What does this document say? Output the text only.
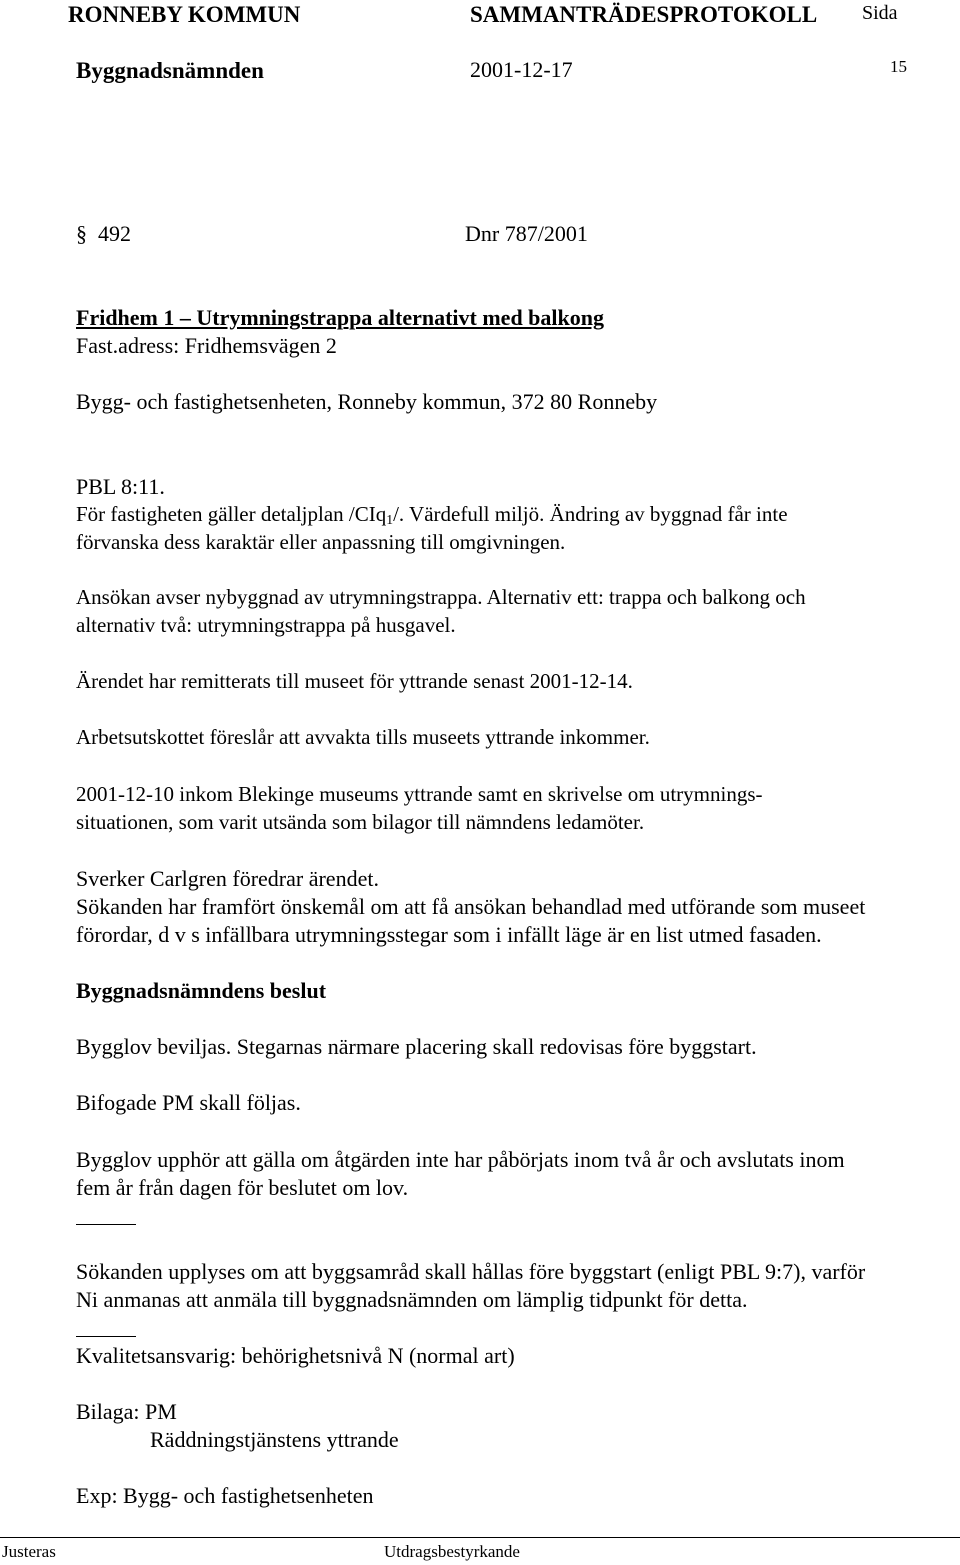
RONNEBY KOMMUN	SAMMANTRÄDESPROTOKOLL Sida
Byggnadsnämnden	2001-12-17	15
§ 492	Dnr 787/2001
Fridhem 1 – Utrymningstrappa alternativt med balkong
Fast.adress: Fridhemsvägen 2
Bygg- och fastighetsenheten, Ronneby kommun, 372 80 Ronneby
PBL 8:11.
För fastigheten gäller detaljplan /CIq$_1$/. Värdefull miljö. Ändring av byggnad får inte
förvanska dess karaktär eller anpassning till omgivningen.
Ansökan avser nybyggnad av utrymningstrappa. Alternativ ett: trappa och balkong och
alternativ två: utrymningstrappa på husgavel.
Ärendet har remitterats till museet för yttrande senast 2001-12-14.
Arbetsutskottet föreslår att avvakta tills museets yttrande inkommer.
2001-12-10 inkom Blekinge museums yttrande samt en skrivelse om utrymnings-
situationen, som varit utsända som bilagor till nämndens ledamöter.
Sverker Carlgren föredrar ärendet.
Sökanden har framfört önskemål om att få ansökan behandlad med utförande som museet
förordar, d v s infällbara utrymningsstegar som i infällt läge är en list utmed fasaden.
Byggnadsnämndens beslut
Bygglov beviljas. Stegarnas närmare placering skall redovisas före byggstart.
Bifogade PM skall följas.
Bygglov upphör att gälla om åtgärden inte har påbörjats inom två år och avslutats inom
fem år från dagen för beslutet om lov.
Sökanden upplyses om att byggsamråd skall hållas före byggstart (enligt PBL 9:7), varför
Ni anmanas att anmäla till byggnadsnämnden om lämplig tidpunkt för detta.
Kvalitetsansvarig: behörighetsnivå N (normal art)
Bilaga: PM
Räddningstjänstens yttrande
Exp: Bygg- och fastighetsenheten
Justeras	Utdragsbestyrkande
